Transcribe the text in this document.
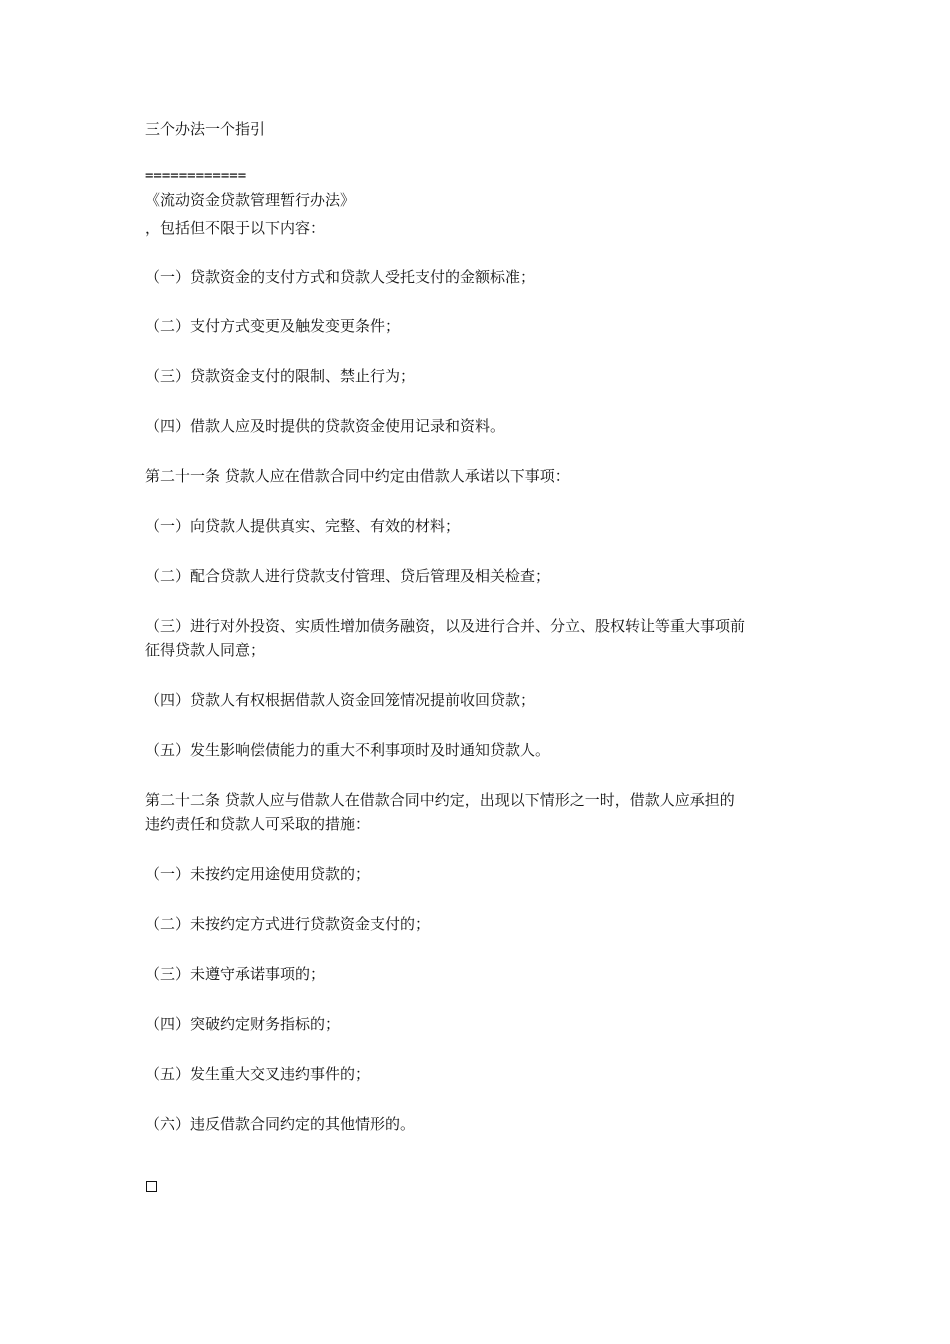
三个办法一个指引
============
《流动资金贷款管理暂行办法》
，包括但不限于以下内容：
（一）贷款资金的支付方式和贷款人受托支付的金额标准；
（二）支付方式变更及触发变更条件；
（三）贷款资金支付的限制、禁止行为；
（四）借款人应及时提供的贷款资金使用记录和资料。
第二十一条 贷款人应在借款合同中约定由借款人承诺以下事项：
（一）向贷款人提供真实、完整、有效的材料；
（二）配合贷款人进行贷款支付管理、贷后管理及相关检查；
（三）进行对外投资、实质性增加债务融资，以及进行合并、分立、股权转让等重大事项前
征得贷款人同意；
（四）贷款人有权根据借款人资金回笼情况提前收回贷款；
（五）发生影响偿债能力的重大不利事项时及时通知贷款人。
第二十二条 贷款人应与借款人在借款合同中约定，出现以下情形之一时，借款人应承担的
违约责任和贷款人可采取的措施：
（一）未按约定用途使用贷款的；
（二）未按约定方式进行贷款资金支付的；
（三）未遵守承诺事项的；
（四）突破约定财务指标的；
（五）发生重大交叉违约事件的；
（六）违反借款合同约定的其他情形的。
